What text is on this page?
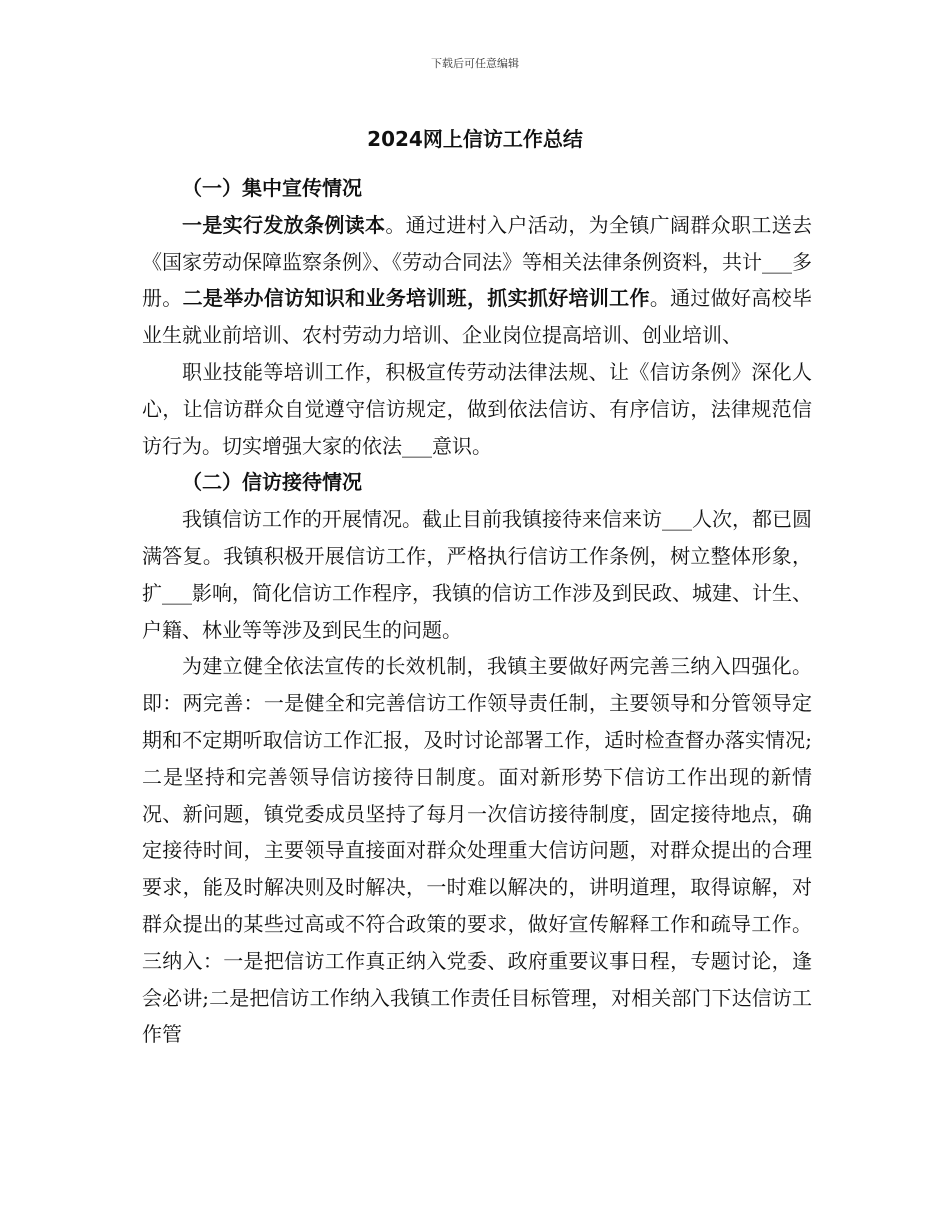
下载后可任意编辑
2024网上信访工作总结

（一）集中宣传情况

一是实行发放条例读本。通过进村入户活动，为全镇广阔群众职工送去《国家劳动保障监察条例》、《劳动合同法》等相关法律条例资料，共计___多册。二是举办信访知识和业务培训班，抓实抓好培训工作。通过做好高校毕业生就业前培训、农村劳动力培训、企业岗位提高培训、创业培训、

职业技能等培训工作，积极宣传劳动法律法规、让《信访条例》深化人心，让信访群众自觉遵守信访规定，做到依法信访、有序信访，法律规范信访行为。切实增强大家的依法___意识。

（二）信访接待情况

我镇信访工作的开展情况。截止目前我镇接待来信来访___人次，都已圆满答复。我镇积极开展信访工作，严格执行信访工作条例，树立整体形象，扩___影响，简化信访工作程序，我镇的信访工作涉及到民政、城建、计生、户籍、林业等等涉及到民生的问题。

为建立健全依法宣传的长效机制，我镇主要做好两完善三纳入四强化。即：两完善：一是健全和完善信访工作领导责任制，主要领导和分管领导定期和不定期听取信访工作汇报，及时讨论部署工作，适时检查督办落实情况;二是坚持和完善领导信访接待日制度。面对新形势下信访工作出现的新情况、新问题，镇党委成员坚持了每月一次信访接待制度，固定接待地点，确定接待时间，主要领导直接面对群众处理重大信访问题，对群众提出的合理要求，能及时解决则及时解决，一时难以解决的，讲明道理，取得谅解，对群众提出的某些过高或不符合政策的要求，做好宣传解释工作和疏导工作。三纳入：一是把信访工作真正纳入党委、政府重要议事日程，专题讨论，逢会必讲;二是把信访工作纳入我镇工作责任目标管理，对相关部门下达信访工作管
